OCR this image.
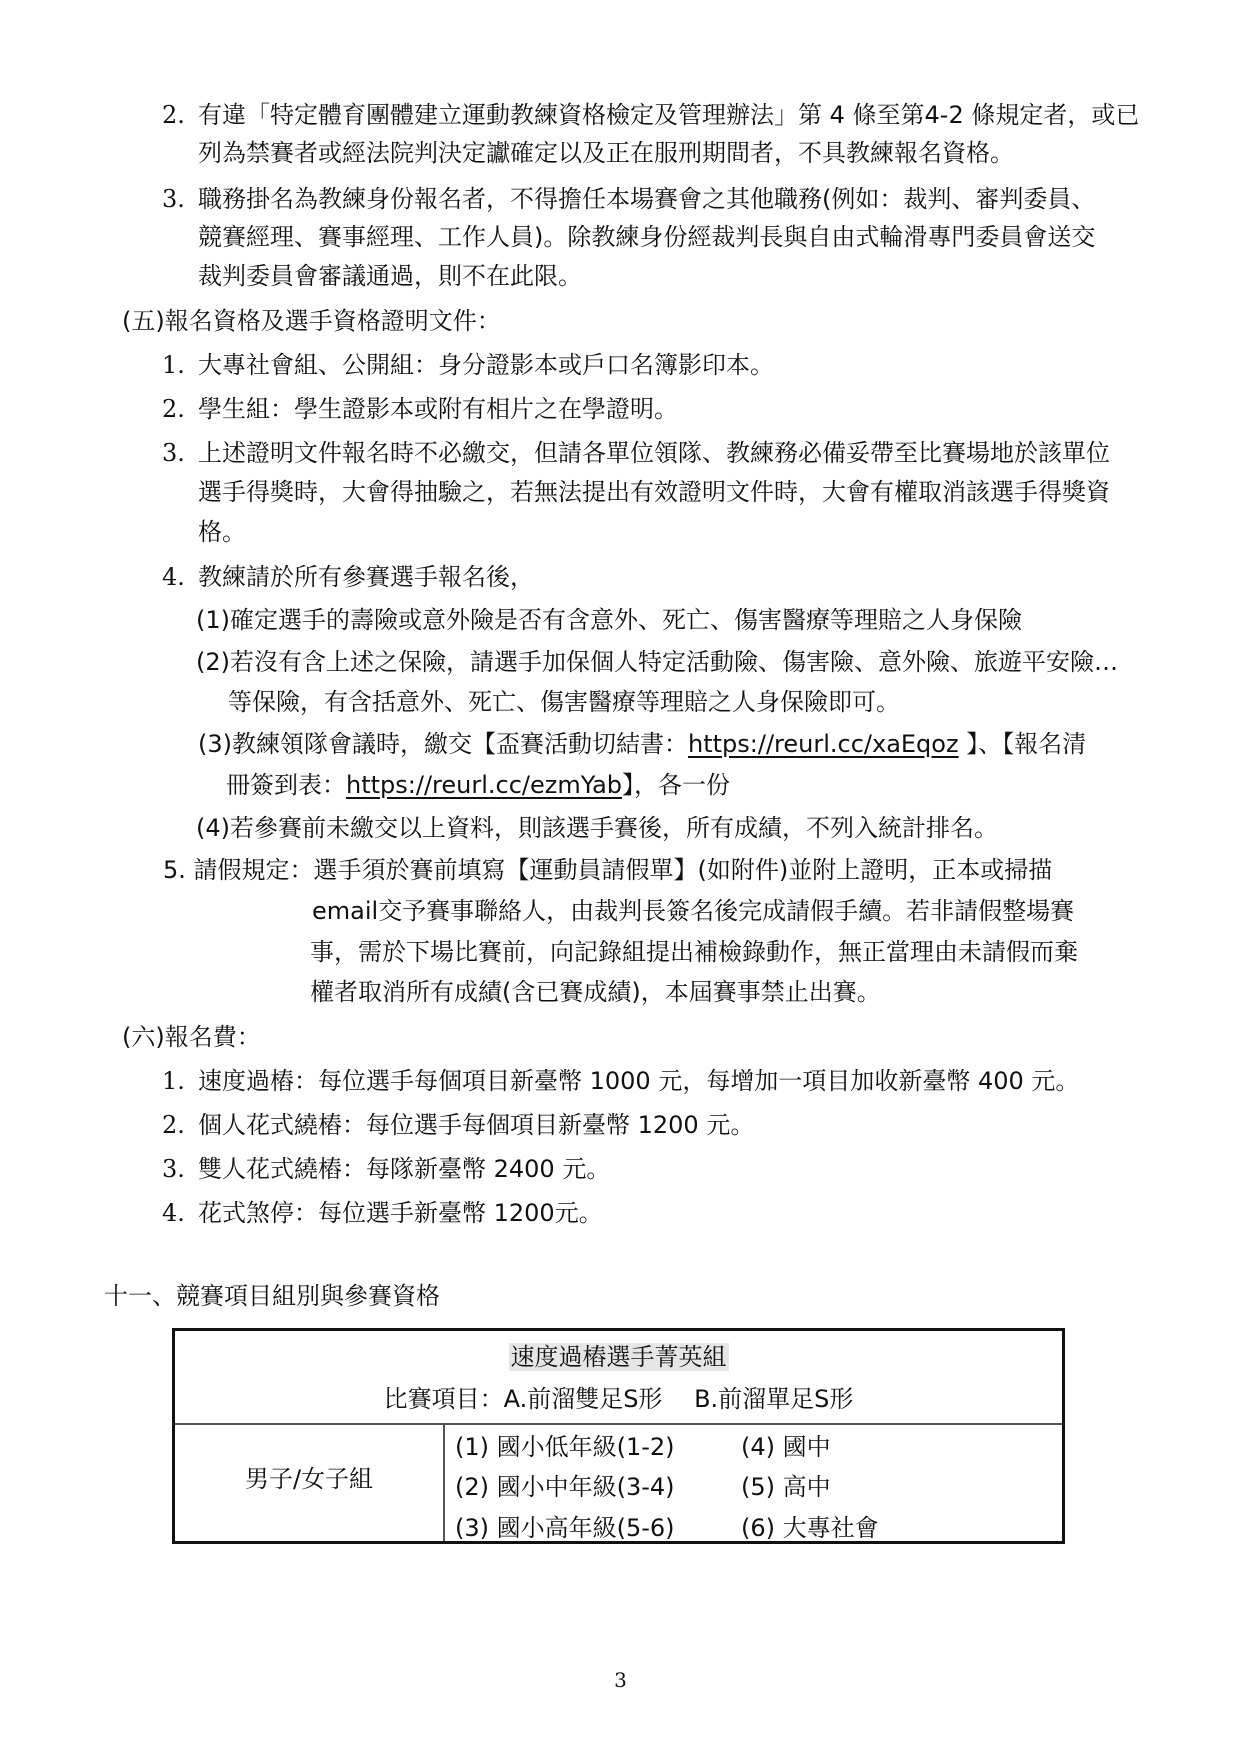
2. 有違「特定體育團體建立運動教練資格檢定及管理辦法」第 4 條至第4-2 條規定者，或已
列為禁賽者或經法院判決定讞確定以及正在服刑期間者，不具教練報名資格。
3. 職務掛名為教練身份報名者，不得擔任本場賽會之其他職務(例如：裁判、審判委員、
競賽經理、賽事經理、工作人員)。除教練身份經裁判長與自由式輪滑專門委員會送交
裁判委員會審議通過，則不在此限。
(五)報名資格及選手資格證明文件：
1. 大專社會組、公開組：身分證影本或戶口名簿影印本。
2. 學生組：學生證影本或附有相片之在學證明。
3. 上述證明文件報名時不必繳交，但請各單位領隊、教練務必備妥帶至比賽場地於該單位
選手得獎時，大會得抽驗之，若無法提出有效證明文件時，大會有權取消該選手得獎資
格。
4. 教練請於所有參賽選手報名後，
(1)確定選手的壽險或意外險是否有含意外、死亡、傷害醫療等理賠之人身保險
(2)若沒有含上述之保險，請選手加保個人特定活動險、傷害險、意外險、旅遊平安險…
等保險，有含括意外、死亡、傷害醫療等理賠之人身保險即可。
(3)教練領隊會議時，繳交【盃賽活動切結書：https://reurl.cc/xaEqoz 】、【報名清
冊簽到表：https://reurl.cc/ezmYab】，各一份
(4)若參賽前未繳交以上資料，則該選手賽後，所有成績，不列入統計排名。
5. 請假規定：選手須於賽前填寫【運動員請假單】(如附件)並附上證明，正本或掃描
email交予賽事聯絡人，由裁判長簽名後完成請假手續。若非請假整場賽
事，需於下場比賽前，向記錄組提出補檢錄動作，無正當理由未請假而棄
權者取消所有成績(含已賽成績)，本屆賽事禁止出賽。
(六)報名費：
1. 速度過樁：每位選手每個項目新臺幣 1000 元，每增加一項目加收新臺幣 400 元。
2. 個人花式繞樁：每位選手每個項目新臺幣 1200 元。
3. 雙人花式繞樁：每隊新臺幣 2400 元。
4. 花式煞停：每位選手新臺幣 1200元。
十一、競賽項目組別與參賽資格
速度過樁選手菁英組
比賽項目：A.前溜雙足S形　 B.前溜單足S形
男子/女子組
(1) 國小低年級(1-2)
(2) 國小中年級(3-4)
(3) 國小高年級(5-6)
(4) 國中
(5) 高中
(6) 大專社會
3
